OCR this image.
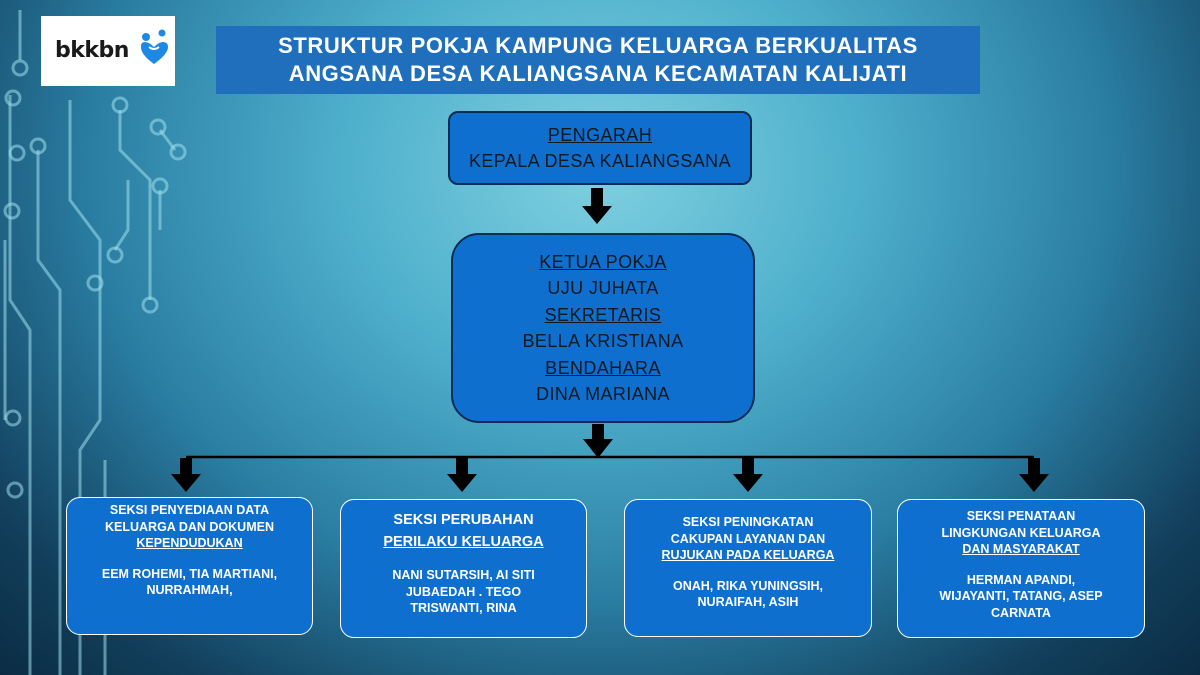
bkkbn	STRUKTUR POKJA KAMPUNG KELUARGA BERKUALITAS
ANGSANA DESA KALIANGSANA KECAMATAN KALIJATI
PENGARAH
KEPALA DESA KALIANGSANA
KETUA POKJA
UJU JUHATA
SEKRETARIS
BELLA KRISTIANA
BENDAHARA
DINA MARIANA
SEKSI PENYEDIAAN DATA
KELUARGA DAN DOKUMEN
KEPENDUDUKAN
EEM ROHEMI, TIA MARTIANI,
NURRAHMAH,
SEKSI PERUBAHAN
PERILAKU KELUARGA
NANI SUTARSIH, AI SITI
JUBAEDAH . TEGO
TRISWANTI, RINA
SEKSI PENINGKATAN
CAKUPAN LAYANAN DAN
RUJUKAN PADA KELUARGA
ONAH, RIKA YUNINGSIH,
NURAIFAH, ASIH
SEKSI PENATAAN
LINGKUNGAN KELUARGA
DAN MASYARAKAT
HERMAN APANDI,
WIJAYANTI, TATANG, ASEP
CARNATA
